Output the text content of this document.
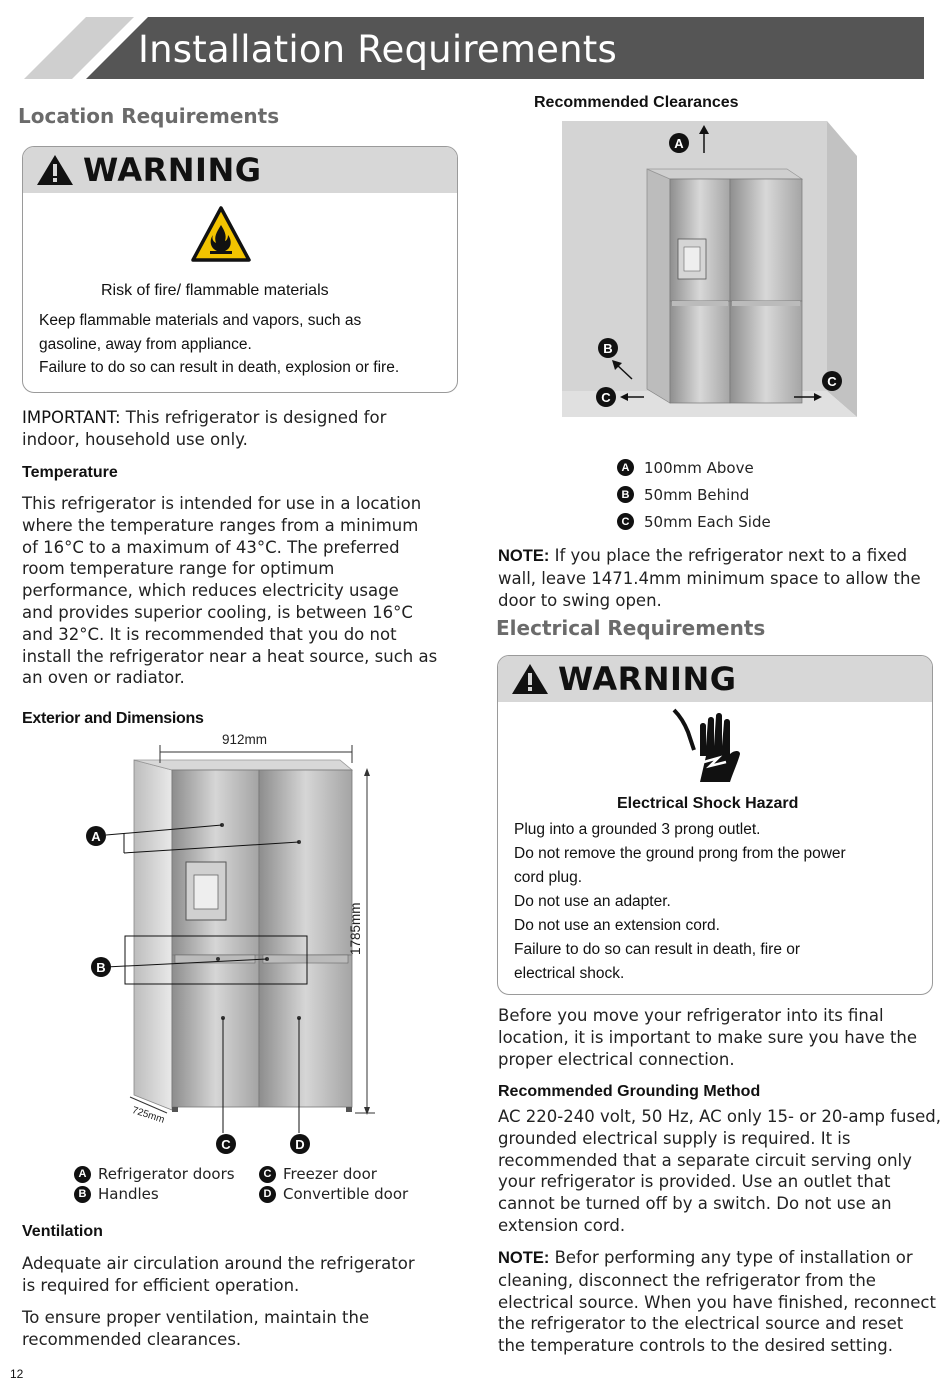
Installation Requirements
Location Requirements
WARNING
Risk of fire/ flammable materials
Keep flammable materials and vapors, such as
gasoline, away from appliance.
Failure to do so can result in death, explosion or fire.
IMPORTANT: This refrigerator is designed for
indoor, household use only.
Temperature
This refrigerator is intended for use in a location
where the temperature ranges from a minimum
of 16°C to a maximum of 43°C. The preferred
room temperature range for optimum
performance, which reduces electricity usage
and provides superior cooling, is between 16°C
and 32°C. It is recommended that you do not
install the refrigerator near a heat source, such as
an oven or radiator.
Exterior and Dimensions
912mm
1785mm
725mm
A
B
C	D
A Refrigerator doors
B Handles
C Freezer door
D Convertible door
Ventilation
Adequate air circulation around the refrigerator
is required for efficient operation.
To ensure proper ventilation, maintain the
recommended clearances.
Recommended Clearances
A
B
C
C
A 100mm Above
B 50mm Behind
C 50mm Each Side
NOTE: If you place the refrigerator next to a fixed
wall, leave 1471.4mm minimum space to allow the
door to swing open.
Electrical Requirements
WARNING
Electrical Shock Hazard
Plug into a grounded 3 prong outlet.
Do not remove the ground prong from the power
cord plug.
Do not use an adapter.
Do not use an extension cord.
Failure to do so can result in death, fire or
electrical shock.
Before you move your refrigerator into its final
location, it is important to make sure you have the
proper electrical connection.
Recommended Grounding Method
AC 220-240 volt, 50 Hz, AC only 15- or 20-amp fused,
grounded electrical supply is required. It is
recommended that a separate circuit serving only
your refrigerator is provided. Use an outlet that
cannot be turned off by a switch. Do not use an
extension cord.
NOTE: Befor performing any type of installation or
cleaning, disconnect the refrigerator from the
electrical source. When you have finished, reconnect
the refrigerator to the electrical source and reset
the temperature controls to the desired setting.
12
